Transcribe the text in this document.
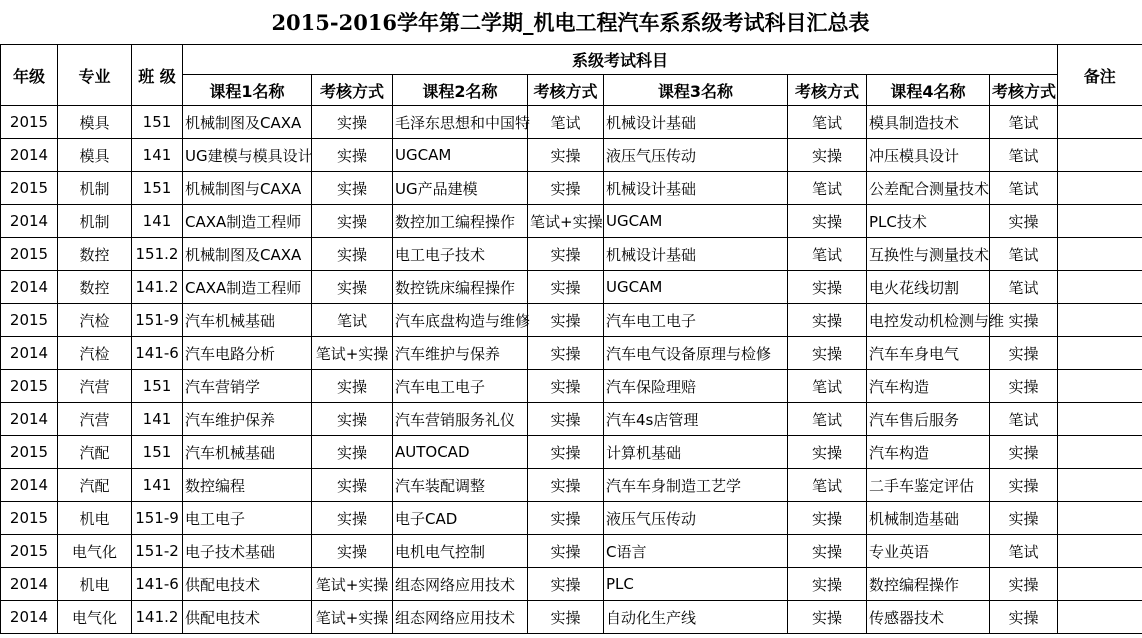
2015-2016学年第二学期_机电工程汽车系系级考试科目汇总表
年级	专业	班 级	系级考试科目								备注
			课程1名称	考核方式	课程2名称	考核方式	课程3名称	考核方式	课程4名称	考核方式	
2015	模具	151	机械制图及CAXA	实操	毛泽东思想和中国特	笔试	机械设计基础	笔试	模具制造技术	笔试	
2014	模具	141	UG建模与模具设计	实操	UGCAM	实操	液压气压传动	实操	冲压模具设计	笔试	
2015	机制	151	机械制图与CAXA	实操	UG产品建模	实操	机械设计基础	笔试	公差配合测量技术	笔试	
2014	机制	141	CAXA制造工程师	实操	数控加工编程操作	笔试+实操	UGCAM	实操	PLC技术	实操	
2015	数控	151.2	机械制图及CAXA	实操	电工电子技术	实操	机械设计基础	笔试	互换性与测量技术	笔试	
2014	数控	141.2	CAXA制造工程师	实操	数控铣床编程操作	实操	UGCAM	实操	电火花线切割	笔试	
2015	汽检	151-9	汽车机械基础	笔试	汽车底盘构造与维修	实操	汽车电工电子	实操	电控发动机检测与维	实操	
2014	汽检	141-6	汽车电路分析	笔试+实操	汽车维护与保养	实操	汽车电气设备原理与检修	实操	汽车车身电气	实操	
2015	汽营	151	汽车营销学	实操	汽车电工电子	实操	汽车保险理赔	笔试	汽车构造	实操	
2014	汽营	141	汽车维护保养	实操	汽车营销服务礼仪	实操	汽车4s店管理	笔试	汽车售后服务	笔试	
2015	汽配	151	汽车机械基础	实操	AUTOCAD	实操	计算机基础	实操	汽车构造	实操	
2014	汽配	141	数控编程	实操	汽车装配调整	实操	汽车车身制造工艺学	笔试	二手车鉴定评估	实操	
2015	机电	151-9	电工电子	实操	电子CAD	实操	液压气压传动	实操	机械制造基础	实操	
2015	电气化	151-2	电子技术基础	实操	电机电气控制	实操	C语言	实操	专业英语	笔试	
2014	机电	141-6	供配电技术	笔试+实操	组态网络应用技术	实操	PLC	实操	数控编程操作	实操	
2014	电气化	141.2	供配电技术	笔试+实操	组态网络应用技术	实操	自动化生产线	实操	传感器技术	实操	
